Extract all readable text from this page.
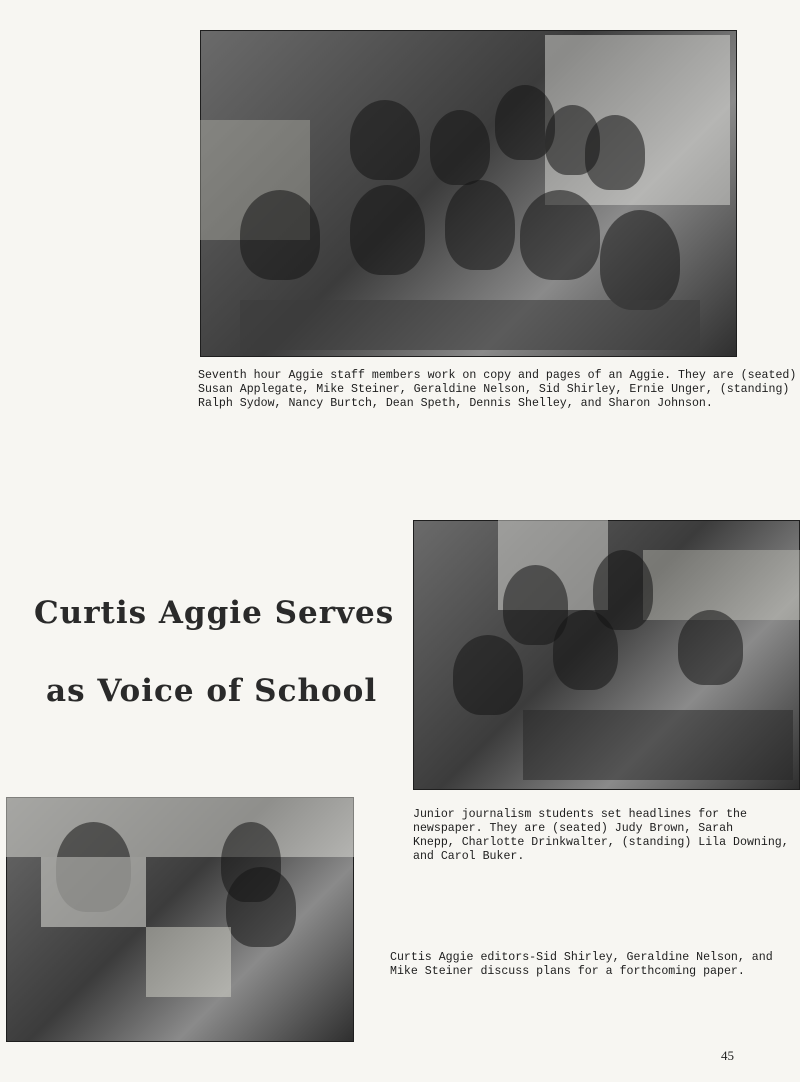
Seventh hour Aggie staff members work on copy and pages of an Aggie. They are (seated)
Susan Applegate, Mike Steiner, Geraldine Nelson, Sid Shirley, Ernie Unger, (standing)
Ralph Sydow, Nancy Burtch, Dean Speth, Dennis Shelley, and Sharon Johnson.
Curtis Aggie Serves
as Voice of School
Junior journalism students set headlines for the
newspaper. They are (seated) Judy Brown, Sarah
Knepp, Charlotte Drinkwalter, (standing) Lila Downing,
and Carol Buker.
Curtis Aggie editors-Sid Shirley, Geraldine Nelson, and
Mike Steiner discuss plans for a forthcoming paper.
45
